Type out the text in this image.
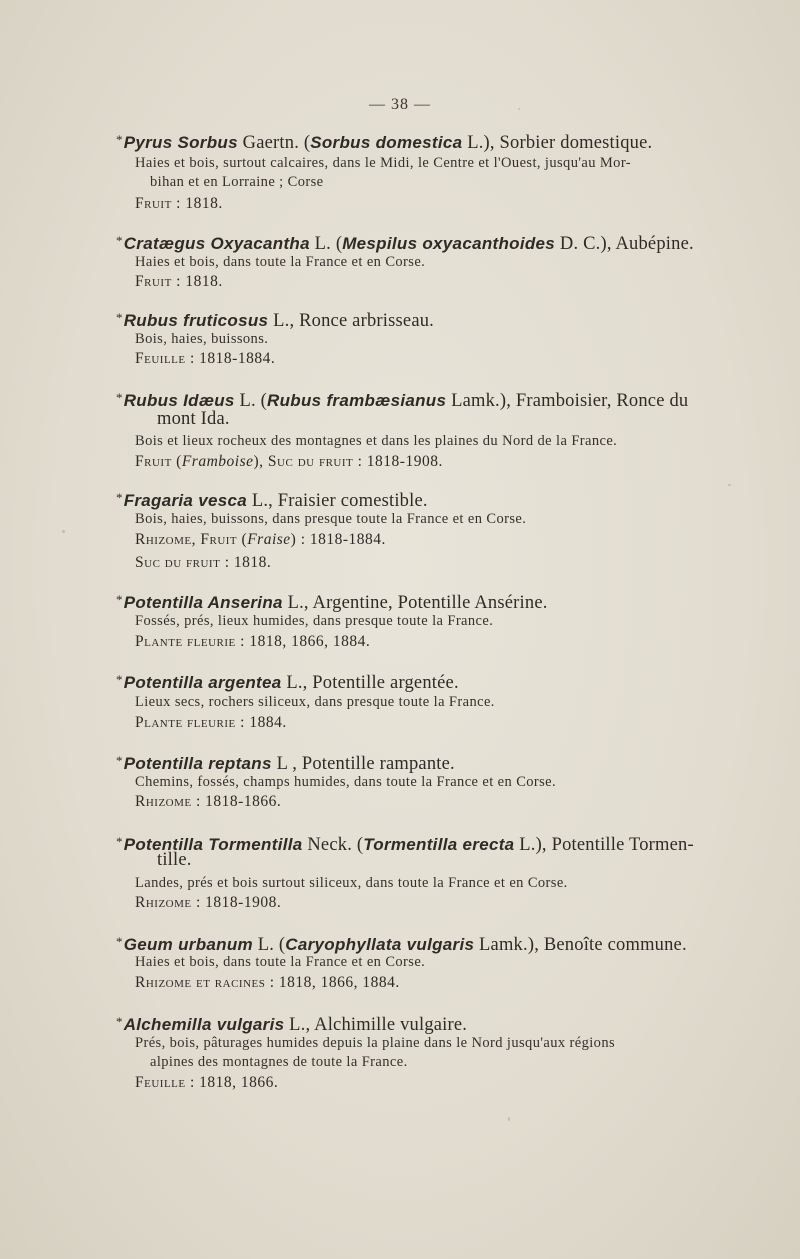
— 38 —
*Pyrus Sorbus Gaertn. (Sorbus domestica L.), Sorbier domestique.
Haies et bois, surtout calcaires, dans le Midi, le Centre et l'Ouest, jusqu'au Mor-
bihan et en Lorraine ; Corse
Fruit : 1818.
*Cratægus Oxyacantha L. (Mespilus oxyacanthoides D. C.), Aubépine.
Haies et bois, dans toute la France et en Corse.
Fruit : 1818.
*Rubus fruticosus L., Ronce arbrisseau.
Bois, haies, buissons.
Feuille : 1818-1884.
*Rubus Idæus L. (Rubus frambæsianus Lamk.), Framboisier, Ronce du
mont Ida.
Bois et lieux rocheux des montagnes et dans les plaines du Nord de la France.
Fruit (Framboise), Suc du fruit : 1818-1908.
*Fragaria vesca L., Fraisier comestible.
Bois, haies, buissons, dans presque toute la France et en Corse.
Rhizome, Fruit (Fraise) : 1818-1884.
Suc du fruit : 1818.
*Potentilla Anserina L., Argentine, Potentille Ansérine.
Fossés, prés, lieux humides, dans presque toute la France.
Plante fleurie : 1818, 1866, 1884.
*Potentilla argentea L., Potentille argentée.
Lieux secs, rochers siliceux, dans presque toute la France.
Plante fleurie : 1884.
*Potentilla reptans L , Potentille rampante.
Chemins, fossés, champs humides, dans toute la France et en Corse.
Rhizome : 1818-1866.
*Potentilla Tormentilla Neck. (Tormentilla erecta L.), Potentille Tormen-
tille.
Landes, prés et bois surtout siliceux, dans toute la France et en Corse.
Rhizome : 1818-1908.
*Geum urbanum L. (Caryophyllata vulgaris Lamk.), Benoîte commune.
Haies et bois, dans toute la France et en Corse.
Rhizome et racines : 1818, 1866, 1884.
*Alchemilla vulgaris L., Alchimille vulgaire.
Prés, bois, pâturages humides depuis la plaine dans le Nord jusqu'aux régions
alpines des montagnes de toute la France.
Feuille : 1818, 1866.
